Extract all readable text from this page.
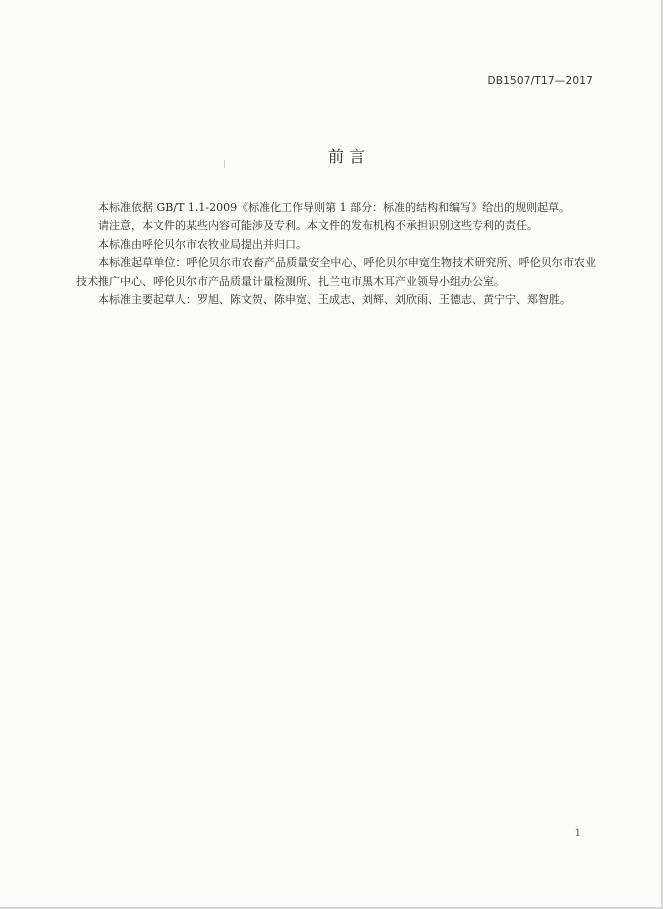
DB1507/T17—2017
前 言

本标准依据 GB/T 1.1-2009《标准化工作导则第 1 部分：标准的结构和编写》给出的规则起草。

请注意，本文件的某些内容可能涉及专利。本文件的发布机构不承担识别这些专利的责任。

本标准由呼伦贝尔市农牧业局提出并归口。

本标准起草单位：呼伦贝尔市农畜产品质量安全中心、呼伦贝尔申宽生物技术研究所、呼伦贝尔市农业技术推广中心、呼伦贝尔市产品质量计量检测所、扎兰屯市黑木耳产业领导小组办公室。

本标准主要起草人：罗旭、陈文贺、陈申宽、王成志、刘辉、刘欣雨、王德志、黄宁宁、郑智胜。

1
